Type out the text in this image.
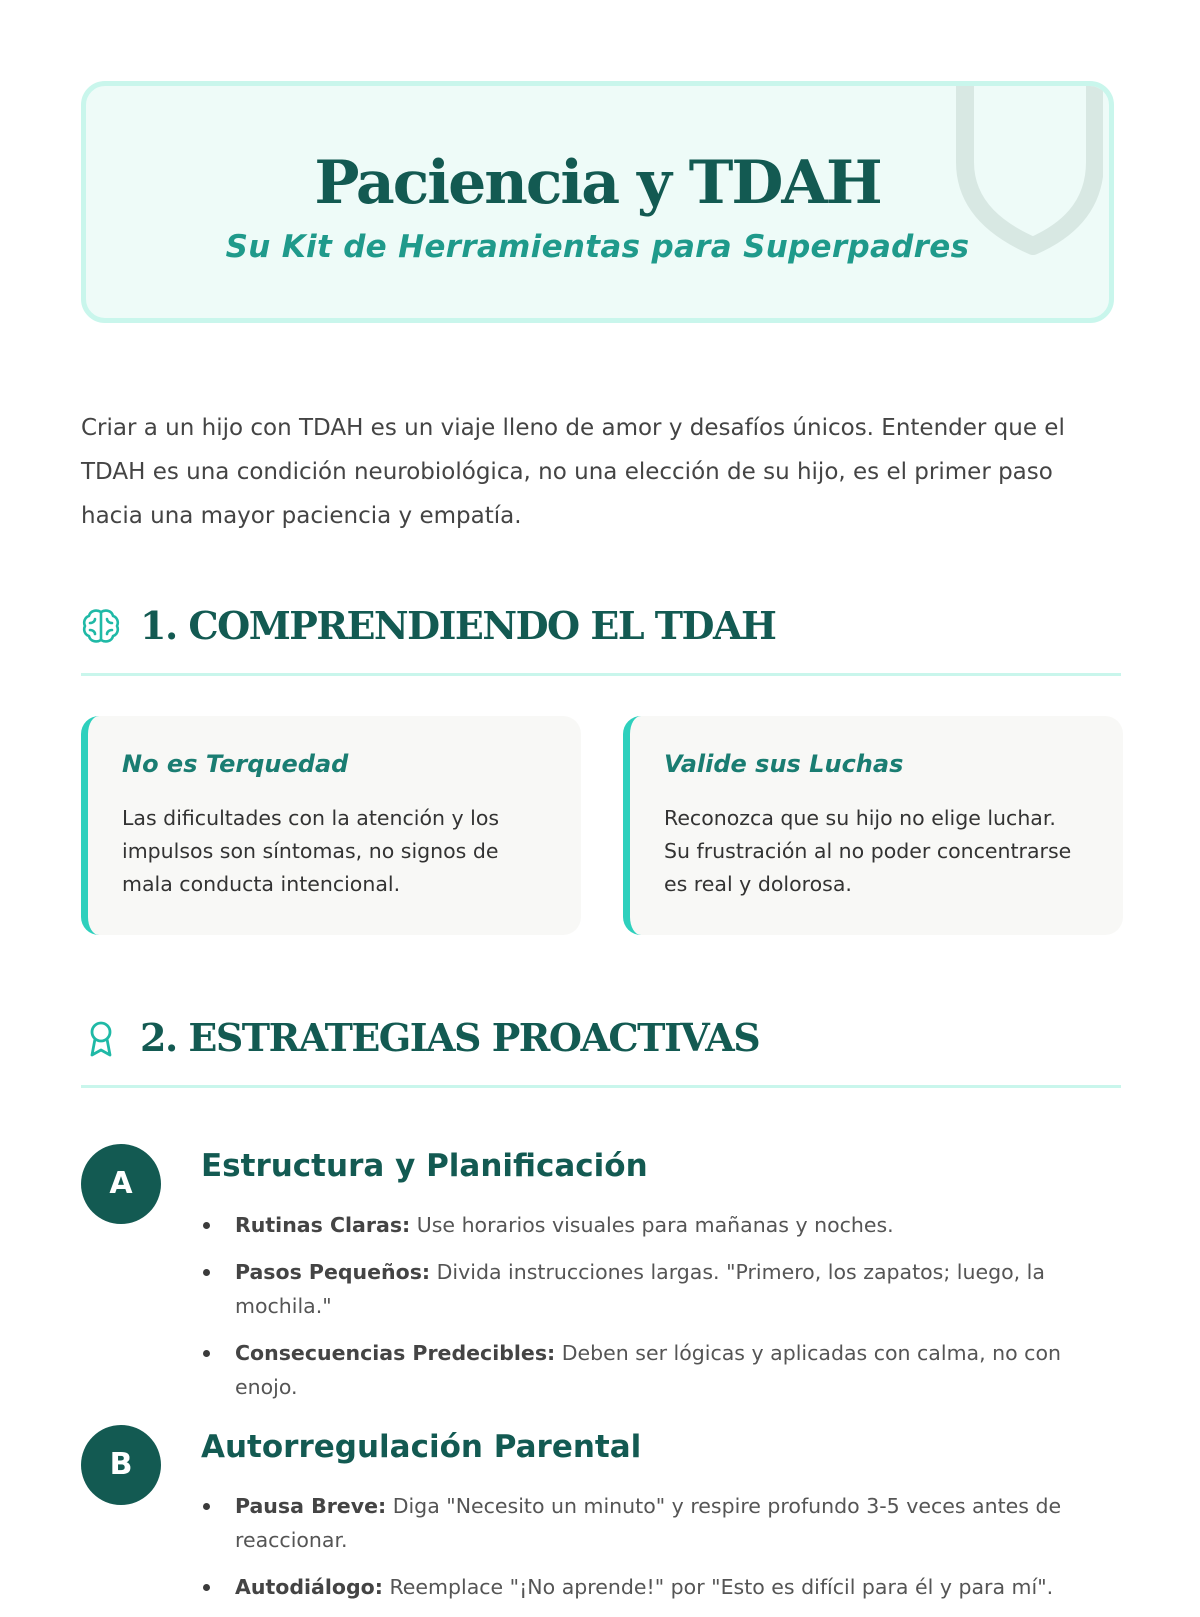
Paciencia y TDAH
Su Kit de Herramientas para Superpadres

Criar a un hijo con TDAH es un viaje lleno de amor y desafíos únicos. Entender que el TDAH es una condición neurobiológica, no una elección de su hijo, es el primer paso hacia una mayor paciencia y empatía.

1. COMPRENDIENDO EL TDAH
No es Terquedad

Las dificultades con la atención y los impulsos son síntomas, no signos de mala conducta intencional.

Valide sus Luchas

Reconozca que su hijo no elige luchar. Su frustración al no poder concentrarse es real y dolorosa.

2. ESTRATEGIAS PROACTIVAS
A	Estructura y Planificación
Rutinas Claras: Use horarios visuales para mañanas y noches.
Pasos Pequeños: Divida instrucciones largas. "Primero, los zapatos; luego, la mochila."
Consecuencias Predecibles: Deben ser lógicas y aplicadas con calma, no con enojo.
B	Autorregulación Parental
Pausa Breve: Diga "Necesito un minuto" y respire profundo 3-5 veces antes de reaccionar.
Autodiálogo: Reemplace "¡No aprende!" por "Esto es difícil para él y para mí".
